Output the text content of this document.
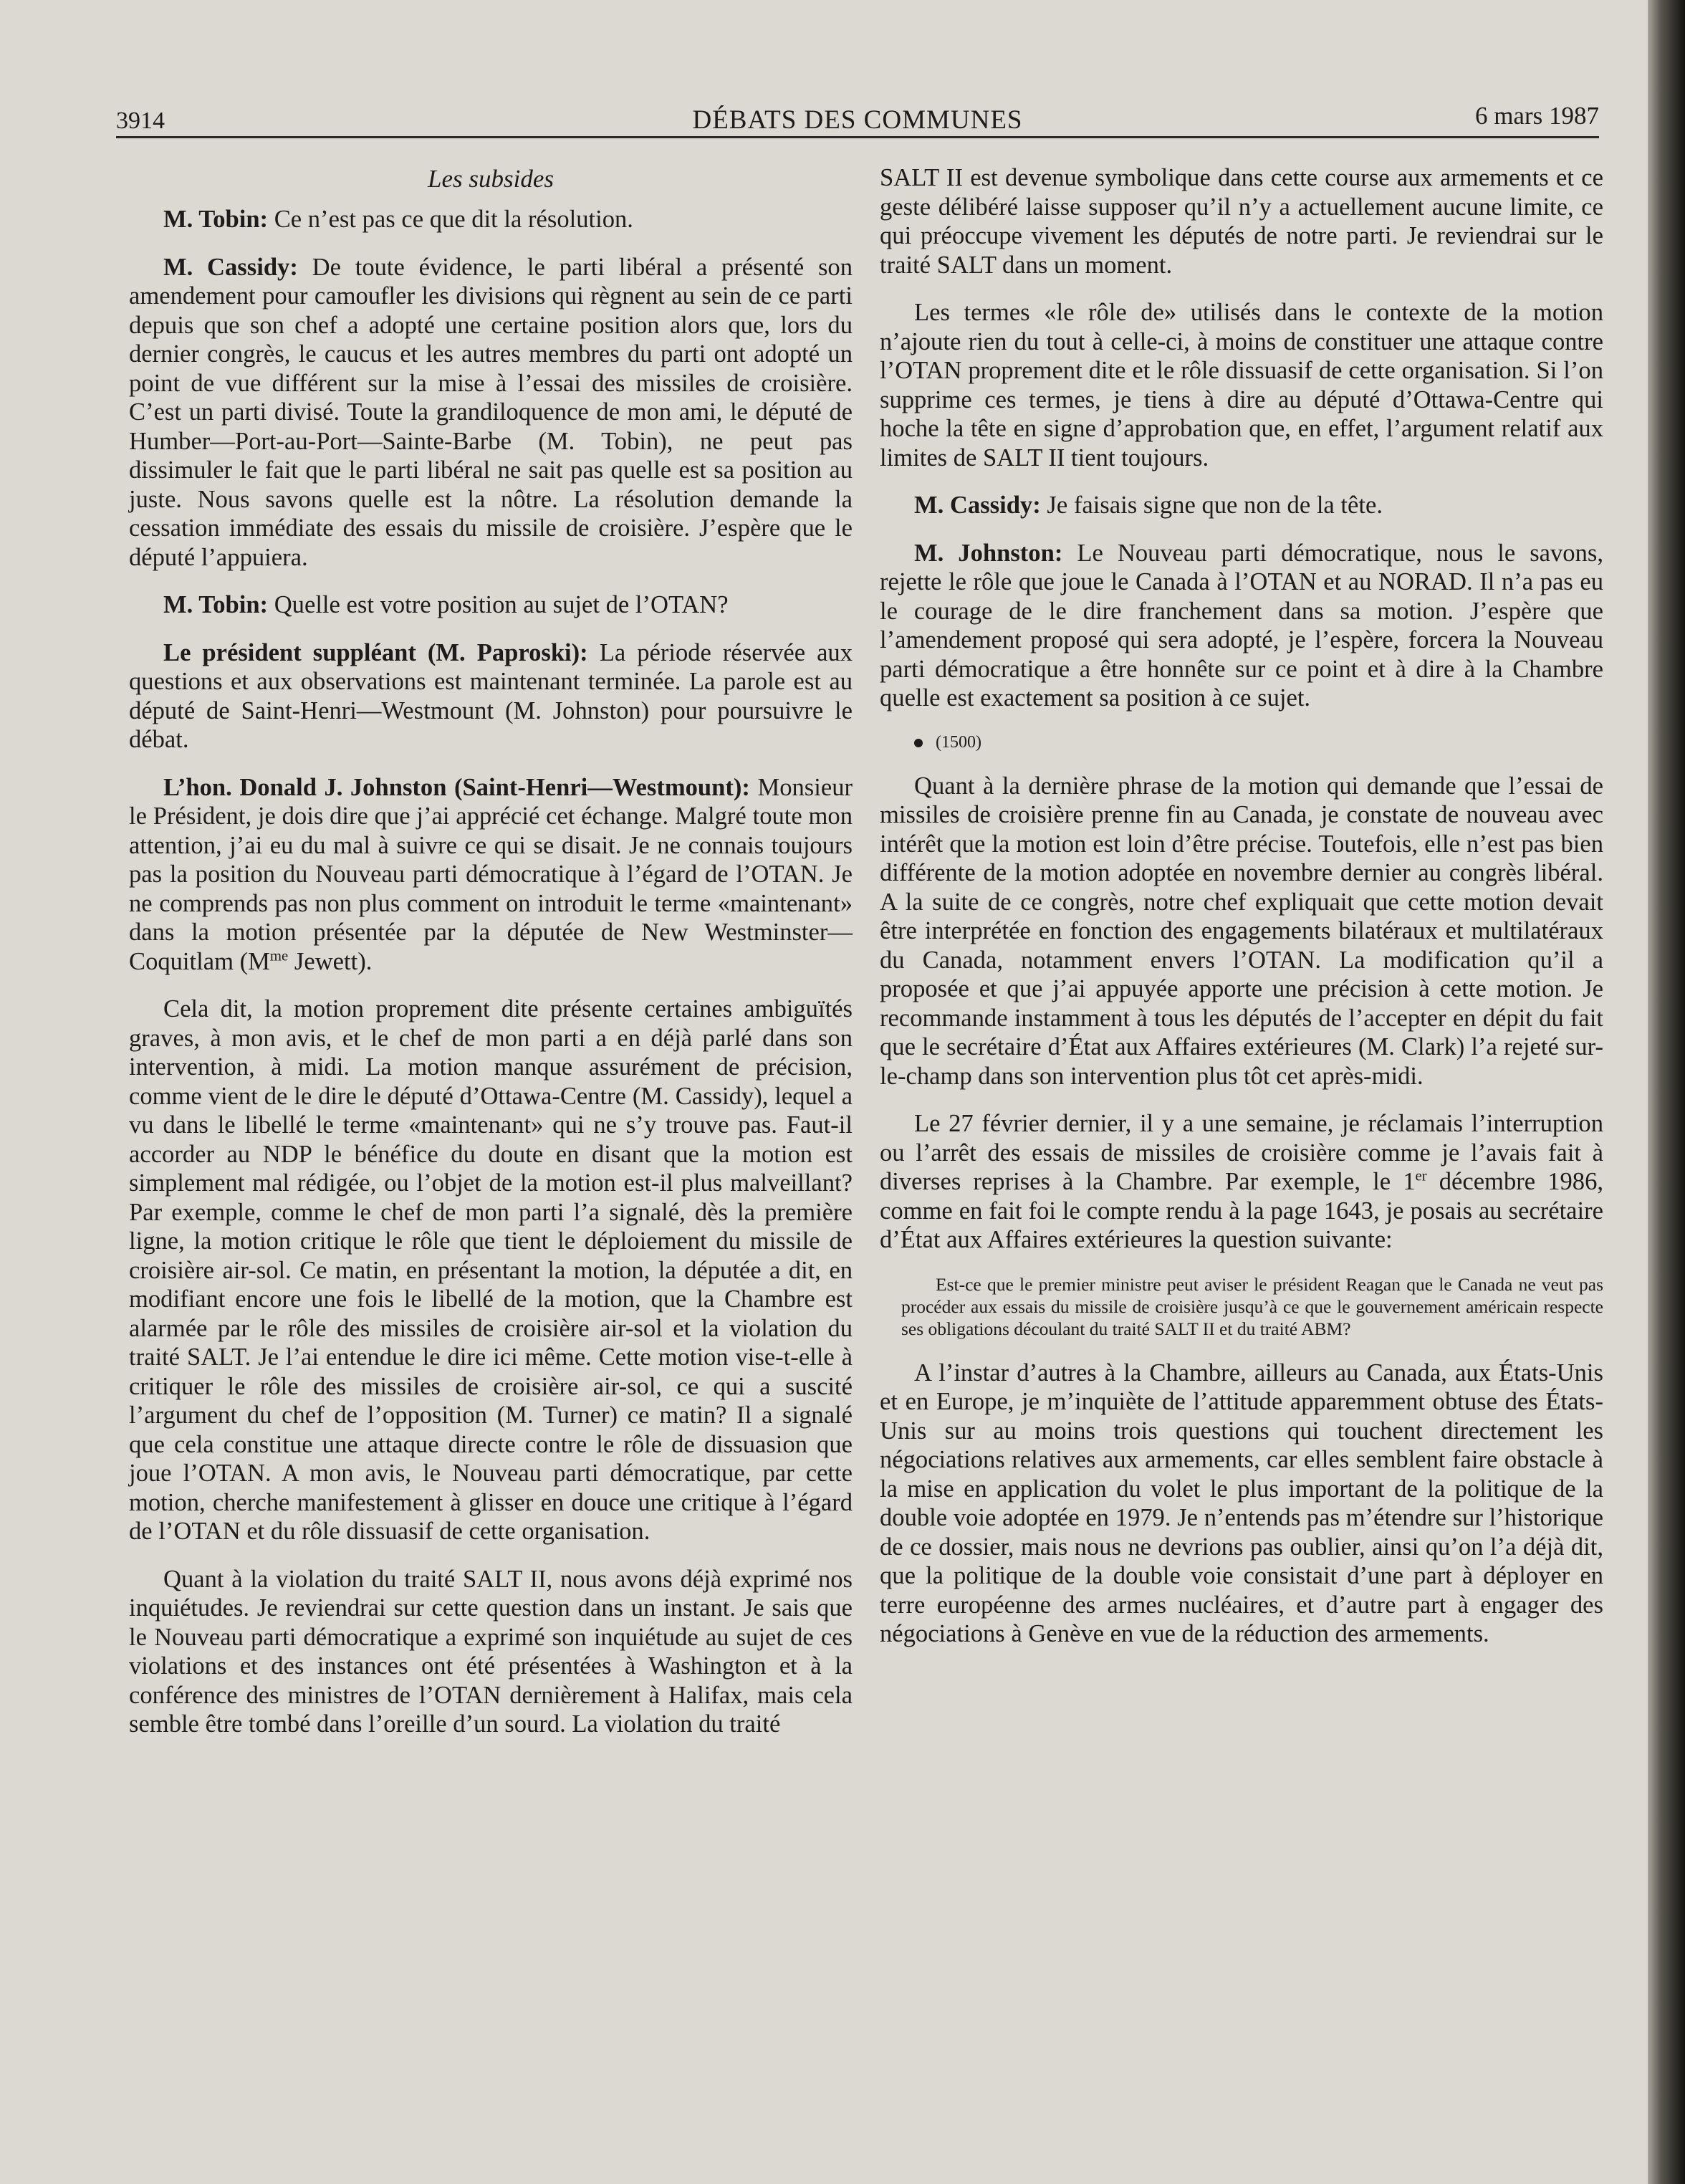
3914	DÉBATS DES COMMUNES	6 mars 1987
Les subsides

M. Tobin: Ce n’est pas ce que dit la résolution.

M. Cassidy: De toute évidence, le parti libéral a présenté son amendement pour camoufler les divisions qui règnent au sein de ce parti depuis que son chef a adopté une certaine position alors que, lors du dernier congrès, le caucus et les autres membres du parti ont adopté un point de vue différent sur la mise à l’essai des missiles de croisière. C’est un parti divisé. Toute la grandiloquence de mon ami, le député de Humber—Port-au-Port—Sainte-Barbe (M. Tobin), ne peut pas dissimuler le fait que le parti libéral ne sait pas quelle est sa position au juste. Nous savons quelle est la nôtre. La résolution demande la cessation immédiate des essais du missile de croisière. J’espère que le député l’appuiera.

M. Tobin: Quelle est votre position au sujet de l’OTAN?

Le président suppléant (M. Paproski): La période réservée aux questions et aux observations est maintenant terminée. La parole est au député de Saint-Henri—Westmount (M. Johnston) pour poursuivre le débat.

L’hon. Donald J. Johnston (Saint-Henri—Westmount): Monsieur le Président, je dois dire que j’ai apprécié cet échange. Malgré toute mon attention, j’ai eu du mal à suivre ce qui se disait. Je ne connais toujours pas la position du Nouveau parti démocratique à l’égard de l’OTAN. Je ne comprends pas non plus comment on introduit le terme «maintenant» dans la motion présentée par la députée de New Westminster—Coquitlam ($M^{me}$ Jewett).

Cela dit, la motion proprement dite présente certaines ambiguïtés graves, à mon avis, et le chef de mon parti a en déjà parlé dans son intervention, à midi. La motion manque assurément de précision, comme vient de le dire le député d’Ottawa-Centre (M. Cassidy), lequel a vu dans le libellé le terme «maintenant» qui ne s’y trouve pas. Faut-il accorder au NDP le bénéfice du doute en disant que la motion est simplement mal rédigée, ou l’objet de la motion est-il plus malveillant? Par exemple, comme le chef de mon parti l’a signalé, dès la première ligne, la motion critique le rôle que tient le déploiement du missile de croisière air-sol. Ce matin, en présentant la motion, la députée a dit, en modifiant encore une fois le libellé de la motion, que la Chambre est alarmée par le rôle des missiles de croisière air-sol et la violation du traité SALT. Je l’ai entendue le dire ici même. Cette motion vise-t-elle à critiquer le rôle des missiles de croisière air-sol, ce qui a suscité l’argument du chef de l’opposition (M. Turner) ce matin? Il a signalé que cela constitue une attaque directe contre le rôle de dissuasion que joue l’OTAN. A mon avis, le Nouveau parti démocratique, par cette motion, cherche manifestement à glisser en douce une critique à l’égard de l’OTAN et du rôle dissuasif de cette organisation.

Quant à la violation du traité SALT II, nous avons déjà exprimé nos inquiétudes. Je reviendrai sur cette question dans un instant. Je sais que le Nouveau parti démocratique a exprimé son inquiétude au sujet de ces violations et des instances ont été présentées à Washington et à la conférence des ministres de l’OTAN dernièrement à Halifax, mais cela semble être tombé dans l’oreille d’un sourd. La violation du traité

SALT II est devenue symbolique dans cette course aux armements et ce geste délibéré laisse supposer qu’il n’y a actuellement aucune limite, ce qui préoccupe vivement les députés de notre parti. Je reviendrai sur le traité SALT dans un moment.

Les termes «le rôle de» utilisés dans le contexte de la motion n’ajoute rien du tout à celle-ci, à moins de constituer une attaque contre l’OTAN proprement dite et le rôle dissuasif de cette organisation. Si l’on supprime ces termes, je tiens à dire au député d’Ottawa-Centre qui hoche la tête en signe d’approbation que, en effet, l’argument relatif aux limites de SALT II tient toujours.

M. Cassidy: Je faisais signe que non de la tête.

M. Johnston: Le Nouveau parti démocratique, nous le savons, rejette le rôle que joue le Canada à l’OTAN et au NORAD. Il n’a pas eu le courage de le dire franchement dans sa motion. J’espère que l’amendement proposé qui sera adopté, je l’espère, forcera la Nouveau parti démocratique a être honnête sur ce point et à dire à la Chambre quelle est exactement sa position à ce sujet.

(1500)

Quant à la dernière phrase de la motion qui demande que l’essai de missiles de croisière prenne fin au Canada, je constate de nouveau avec intérêt que la motion est loin d’être précise. Toutefois, elle n’est pas bien différente de la motion adoptée en novembre dernier au congrès libéral. A la suite de ce congrès, notre chef expliquait que cette motion devait être interprétée en fonction des engagements bilatéraux et multilatéraux du Canada, notamment envers l’OTAN. La modification qu’il a proposée et que j’ai appuyée apporte une précision à cette motion. Je recommande instamment à tous les députés de l’accepter en dépit du fait que le secrétaire d’État aux Affaires extérieures (M. Clark) l’a rejeté sur-le-champ dans son intervention plus tôt cet après-midi.

Le 27 février dernier, il y a une semaine, je réclamais l’interruption ou l’arrêt des essais de missiles de croisière comme je l’avais fait à diverses reprises à la Chambre. Par exemple, le 1er décembre 1986, comme en fait foi le compte rendu à la page 1643, je posais au secrétaire d’État aux Affaires extérieures la question suivante:

Est-ce que le premier ministre peut aviser le président Reagan que le Canada ne veut pas procéder aux essais du missile de croisière jusqu’à ce que le gouvernement américain respecte ses obligations découlant du traité SALT II et du traité ABM?

A l’instar d’autres à la Chambre, ailleurs au Canada, aux États-Unis et en Europe, je m’inquiète de l’attitude apparemment obtuse des États-Unis sur au moins trois questions qui touchent directement les négociations relatives aux armements, car elles semblent faire obstacle à la mise en application du volet le plus important de la politique de la double voie adoptée en 1979. Je n’entends pas m’étendre sur l’historique de ce dossier, mais nous ne devrions pas oublier, ainsi qu’on l’a déjà dit, que la politique de la double voie consistait d’une part à déployer en terre européenne des armes nucléaires, et d’autre part à engager des négociations à Genève en vue de la réduction des armements.
